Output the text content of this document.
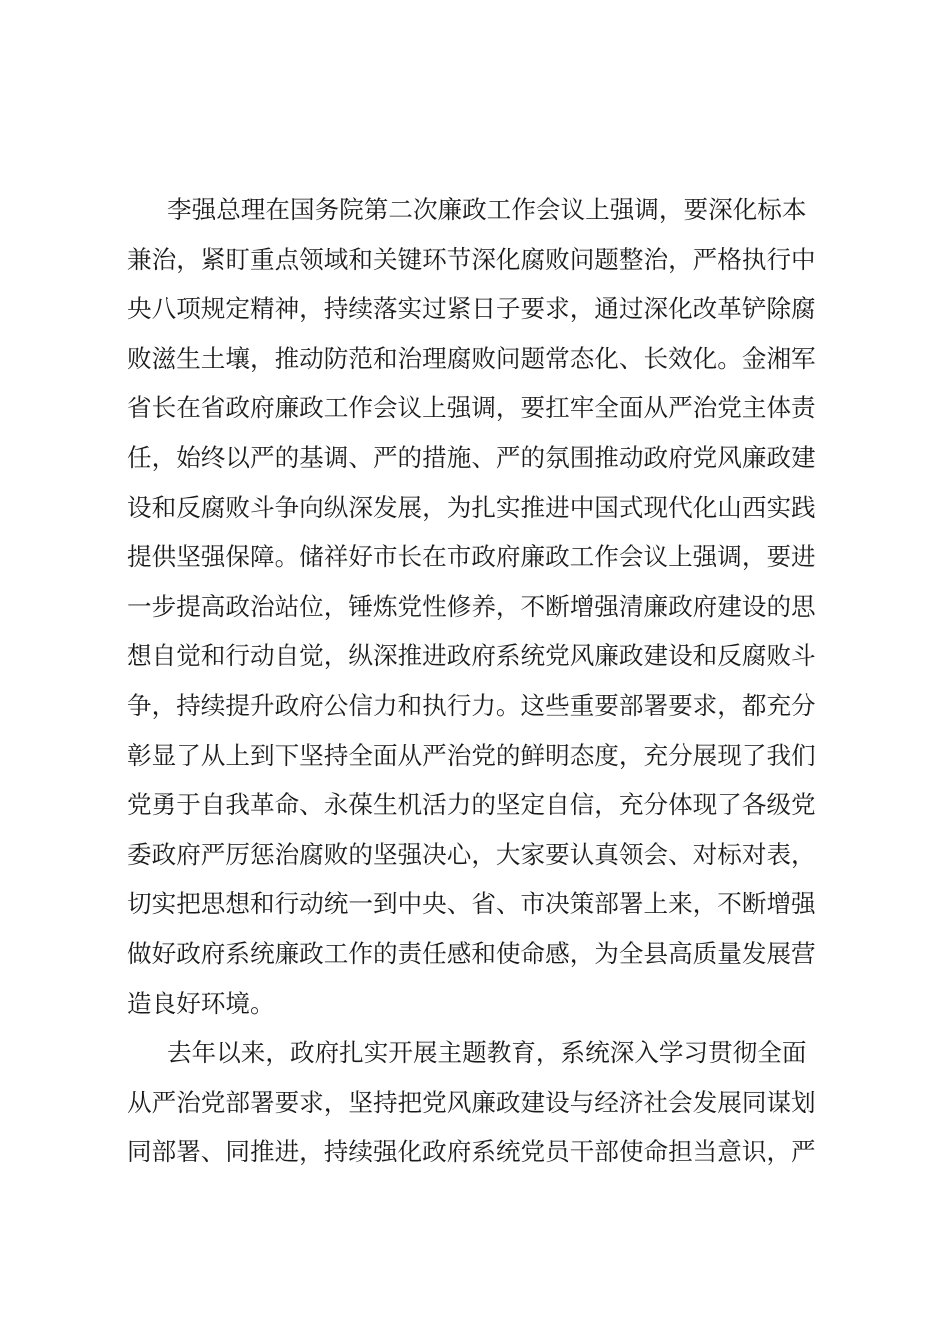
李强总理在国务院第二次廉政工作会议上强调，要深化标本
兼治，紧盯重点领域和关键环节深化腐败问题整治，严格执行中
央八项规定精神，持续落实过紧日子要求，通过深化改革铲除腐
败滋生土壤，推动防范和治理腐败问题常态化、长效化。金湘军
省长在省政府廉政工作会议上强调，要扛牢全面从严治党主体责
任，始终以严的基调、严的措施、严的氛围推动政府党风廉政建
设和反腐败斗争向纵深发展，为扎实推进中国式现代化山西实践
提供坚强保障。储祥好市长在市政府廉政工作会议上强调，要进
一步提高政治站位，锤炼党性修养，不断增强清廉政府建设的思
想自觉和行动自觉，纵深推进政府系统党风廉政建设和反腐败斗
争，持续提升政府公信力和执行力。这些重要部署要求，都充分
彰显了从上到下坚持全面从严治党的鲜明态度，充分展现了我们
党勇于自我革命、永葆生机活力的坚定自信，充分体现了各级党
委政府严厉惩治腐败的坚强决心，大家要认真领会、对标对表，
切实把思想和行动统一到中央、省、市决策部署上来，不断增强
做好政府系统廉政工作的责任感和使命感，为全县高质量发展营
造良好环境。
去年以来，政府扎实开展主题教育，系统深入学习贯彻全面
从严治党部署要求，坚持把党风廉政建设与经济社会发展同谋划
同部署、同推进，持续强化政府系统党员干部使命担当意识，严
